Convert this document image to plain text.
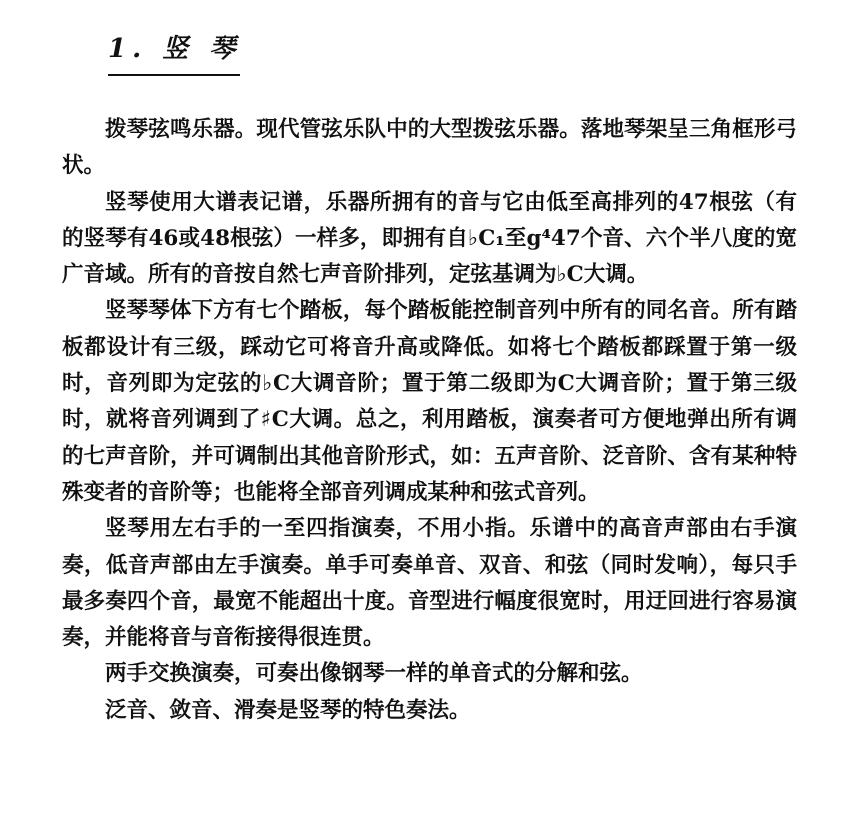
1. 竖 琴

拨琴弦鸣乐器。现代管弦乐队中的大型拨弦乐器。落地琴架呈三角框形弓状。

竖琴使用大谱表记谱，乐器所拥有的音与它由低至高排列的47根弦（有的竖琴有46或48根弦）一样多，即拥有自♭C₁至g⁴47个音、六个半八度的宽广音域。所有的音按自然七声音阶排列，定弦基调为♭C大调。

竖琴琴体下方有七个踏板，每个踏板能控制音列中所有的同名音。所有踏板都设计有三级，踩动它可将音升高或降低。如将七个踏板都踩置于第一级时，音列即为定弦的♭C大调音阶；置于第二级即为C大调音阶；置于第三级时，就将音列调到了♯C大调。总之，利用踏板，演奏者可方便地弹出所有调的七声音阶，并可调制出其他音阶形式，如：五声音阶、泛音阶、含有某种特殊变者的音阶等；也能将全部音列调成某种和弦式音列。

竖琴用左右手的一至四指演奏，不用小指。乐谱中的高音声部由右手演奏，低音声部由左手演奏。单手可奏单音、双音、和弦（同时发响），每只手最多奏四个音，最宽不能超出十度。音型进行幅度很宽时，用迂回进行容易演奏，并能将音与音衔接得很连贯。

两手交换演奏，可奏出像钢琴一样的单音式的分解和弦。

泛音、敛音、滑奏是竖琴的特色奏法。
